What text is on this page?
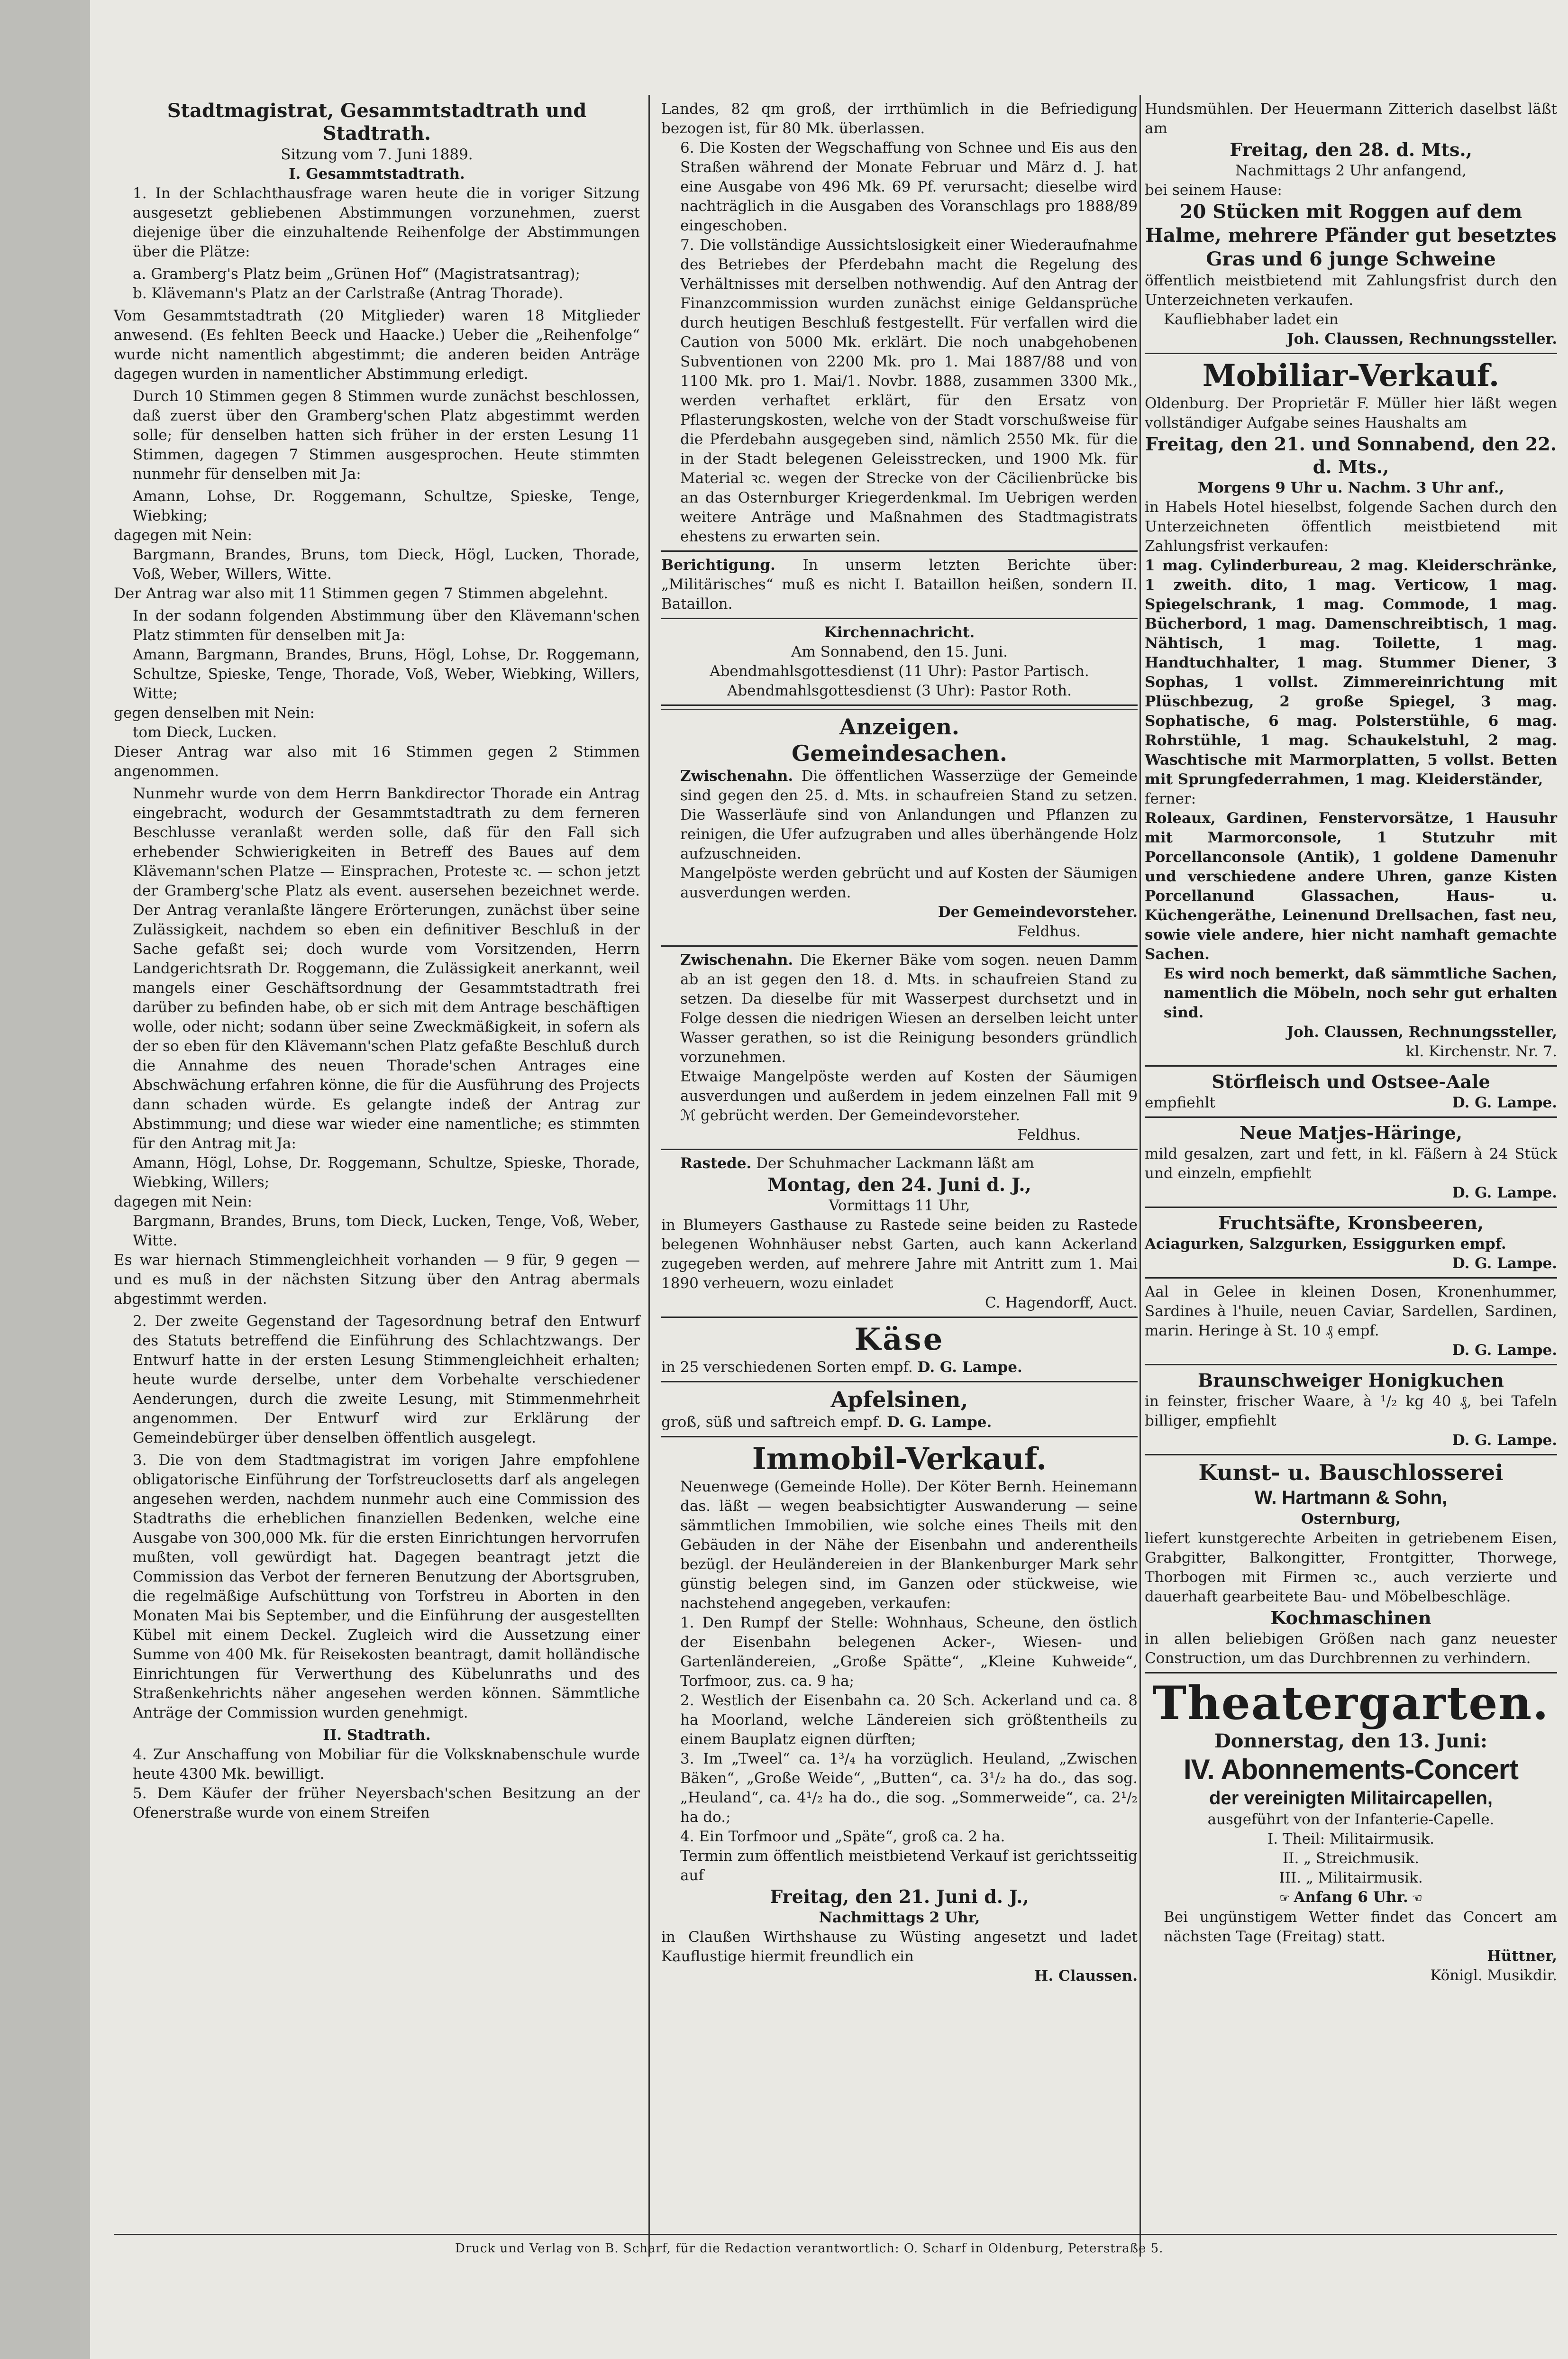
Stadtmagistrat, Gesammtstadtrath und Stadtrath.

Sitzung vom 7. Juni 1889.

I. Gesammtstadtrath.

1. In der Schlachthausfrage waren heute die in voriger Sitzung ausgesetzt gebliebenen Abstimmungen vorzunehmen, zuerst diejenige über die einzuhaltende Reihenfolge der Abstimmungen über die Plätze:

a. Gramberg's Platz beim „Grünen Hof“ (Magistratsantrag);

b. Klävemann's Platz an der Carlstraße (Antrag Thorade).

Vom Gesammtstadtrath (20 Mitglieder) waren 18 Mitglieder anwesend. (Es fehlten Beeck und Haacke.) Ueber die „Reihenfolge“ wurde nicht namentlich abgestimmt; die anderen beiden Anträge dagegen wurden in namentlicher Abstimmung erledigt.

Durch 10 Stimmen gegen 8 Stimmen wurde zunächst beschlossen, daß zuerst über den Gramberg'schen Platz abgestimmt werden solle; für denselben hatten sich früher in der ersten Lesung 11 Stimmen, dagegen 7 Stimmen ausgesprochen. Heute stimmten nunmehr für denselben mit Ja:

Amann, Lohse, Dr. Roggemann, Schultze, Spieske, Tenge, Wiebking;

dagegen mit Nein:

Bargmann, Brandes, Bruns, tom Dieck, Högl, Lucken, Thorade, Voß, Weber, Willers, Witte.

Der Antrag war also mit 11 Stimmen gegen 7 Stimmen abgelehnt.

In der sodann folgenden Abstimmung über den Klävemann'schen Platz stimmten für denselben mit Ja:

Amann, Bargmann, Brandes, Bruns, Högl, Lohse, Dr. Roggemann, Schultze, Spieske, Tenge, Thorade, Voß, Weber, Wiebking, Willers, Witte;

gegen denselben mit Nein:

tom Dieck, Lucken.

Dieser Antrag war also mit 16 Stimmen gegen 2 Stimmen angenommen.

Nunmehr wurde von dem Herrn Bankdirector Thorade ein Antrag eingebracht, wodurch der Gesammtstadtrath zu dem ferneren Beschlusse veranlaßt werden solle, daß für den Fall sich erhebender Schwierigkeiten in Betreff des Baues auf dem Klävemann'schen Platze — Einsprachen, Proteste ꝛc. — schon jetzt der Gramberg'sche Platz als event. ausersehen bezeichnet werde. Der Antrag veranlaßte längere Erörterungen, zunächst über seine Zulässigkeit, nachdem so eben ein definitiver Beschluß in der Sache gefaßt sei; doch wurde vom Vorsitzenden, Herrn Landgerichtsrath Dr. Roggemann, die Zulässigkeit anerkannt, weil mangels einer Geschäftsordnung der Gesammtstadtrath frei darüber zu befinden habe, ob er sich mit dem Antrage beschäftigen wolle, oder nicht; sodann über seine Zweckmäßigkeit, in sofern als der so eben für den Klävemann'schen Platz gefaßte Beschluß durch die Annahme des neuen Thorade'schen Antrages eine Abschwächung erfahren könne, die für die Ausführung des Projects dann schaden würde. Es gelangte indeß der Antrag zur Abstimmung; und diese war wieder eine namentliche; es stimmten für den Antrag mit Ja:

Amann, Högl, Lohse, Dr. Roggemann, Schultze, Spieske, Thorade, Wiebking, Willers;

dagegen mit Nein:

Bargmann, Brandes, Bruns, tom Dieck, Lucken, Tenge, Voß, Weber, Witte.

Es war hiernach Stimmengleichheit vorhanden — 9 für, 9 gegen — und es muß in der nächsten Sitzung über den Antrag abermals abgestimmt werden.

2. Der zweite Gegenstand der Tagesordnung betraf den Entwurf des Statuts betreffend die Einführung des Schlachtzwangs. Der Entwurf hatte in der ersten Lesung Stimmengleichheit erhalten; heute wurde derselbe, unter dem Vorbehalte verschiedener Aenderungen, durch die zweite Lesung, mit Stimmenmehrheit angenommen. Der Entwurf wird zur Erklärung der Gemeindebürger über denselben öffentlich ausgelegt.

3. Die von dem Stadtmagistrat im vorigen Jahre empfohlene obligatorische Einführung der Torfstreuclosetts darf als angelegen angesehen werden, nachdem nunmehr auch eine Commission des Stadtraths die erheblichen finanziellen Bedenken, welche eine Ausgabe von 300,000 Mk. für die ersten Einrichtungen hervorrufen mußten, voll gewürdigt hat. Dagegen beantragt jetzt die Commission das Verbot der ferneren Benutzung der Abortsgruben, die regelmäßige Aufschüttung von Torfstreu in Aborten in den Monaten Mai bis September, und die Einführung der ausgestellten Kübel mit einem Deckel. Zugleich wird die Aussetzung einer Summe von 400 Mk. für Reisekosten beantragt, damit holländische Einrichtungen für Verwerthung des Kübelunraths und des Straßenkehrichts näher angesehen werden können. Sämmtliche Anträge der Commission wurden genehmigt.

II. Stadtrath.

4. Zur Anschaffung von Mobiliar für die Volksknabenschule wurde heute 4300 Mk. bewilligt.

5. Dem Käufer der früher Neyersbach'schen Besitzung an der Ofenerstraße wurde von einem Streifen

Landes, 82 qm groß, der irrthümlich in die Befriedigung bezogen ist, für 80 Mk. überlassen.

6. Die Kosten der Wegschaffung von Schnee und Eis aus den Straßen während der Monate Februar und März d. J. hat eine Ausgabe von 496 Mk. 69 Pf. verursacht; dieselbe wird nachträglich in die Ausgaben des Voranschlags pro 1888/89 eingeschoben.

7. Die vollständige Aussichtslosigkeit einer Wiederaufnahme des Betriebes der Pferdebahn macht die Regelung des Verhältnisses mit derselben nothwendig. Auf den Antrag der Finanzcommission wurden zunächst einige Geldansprüche durch heutigen Beschluß festgestellt. Für verfallen wird die Caution von 5000 Mk. erklärt. Die noch unabgehobenen Subventionen von 2200 Mk. pro 1. Mai 1887/88 und von 1100 Mk. pro 1. Mai/1. Novbr. 1888, zusammen 3300 Mk., werden verhaftet erklärt, für den Ersatz von Pflasterungskosten, welche von der Stadt vorschußweise für die Pferdebahn ausgegeben sind, nämlich 2550 Mk. für die in der Stadt belegenen Geleisstrecken, und 1900 Mk. für Material ꝛc. wegen der Strecke von der Cäcilienbrücke bis an das Osternburger Kriegerdenkmal. Im Uebrigen werden weitere Anträge und Maßnahmen des Stadtmagistrats ehestens zu erwarten sein.

Berichtigung. In unserm letzten Berichte über: „Militärisches“ muß es nicht I. Bataillon heißen, sondern II. Bataillon.

Kirchennachricht.

Am Sonnabend, den 15. Juni.

Abendmahlsgottesdienst (11 Uhr): Pastor Partisch.

Abendmahlsgottesdienst (3 Uhr): Pastor Roth.

Anzeigen.
Gemeindesachen.

Zwischenahn. Die öffentlichen Wasserzüge der Gemeinde sind gegen den 25. d. Mts. in schaufreien Stand zu setzen. Die Wasserläufe sind von Anlandungen und Pflanzen zu reinigen, die Ufer aufzugraben und alles überhängende Holz aufzuschneiden.

Mangelpöste werden gebrücht und auf Kosten der Säumigen ausverdungen werden.

Der Gemeindevorsteher.

Feldhus.

Zwischenahn. Die Ekerner Bäke vom sogen. neuen Damm ab an ist gegen den 18. d. Mts. in schaufreien Stand zu setzen. Da dieselbe für mit Wasserpest durchsetzt und in Folge dessen die niedrigen Wiesen an derselben leicht unter Wasser gerathen, so ist die Reinigung besonders gründlich vorzunehmen.

Etwaige Mangelpöste werden auf Kosten der Säumigen ausverdungen und außerdem in jedem einzelnen Fall mit 9 ℳ gebrücht werden. Der Gemeindevorsteher.

Feldhus.

Rastede. Der Schuhmacher Lackmann läßt am

Montag, den 24. Juni d. J.,

Vormittags 11 Uhr,

in Blumeyers Gasthause zu Rastede seine beiden zu Rastede belegenen Wohnhäuser nebst Garten, auch kann Ackerland zugegeben werden, auf mehrere Jahre mit Antritt zum 1. Mai 1890 verheuern, wozu einladet

C. Hagendorff, Auct.

Käse

in 25 verschiedenen Sorten empf. D. G. Lampe.

Apfelsinen,

groß, süß und saftreich empf. D. G. Lampe.

Immobil-Verkauf.

Neuenwege (Gemeinde Holle). Der Köter Bernh. Heinemann das. läßt — wegen beabsichtigter Auswanderung — seine sämmtlichen Immobilien, wie solche eines Theils mit den Gebäuden in der Nähe der Eisenbahn und anderentheils bezügl. der Heuländereien in der Blankenburger Mark sehr günstig belegen sind, im Ganzen oder stückweise, wie nachstehend angegeben, verkaufen:

1. Den Rumpf der Stelle: Wohnhaus, Scheune, den östlich der Eisenbahn belegenen Acker-, Wiesen- und Gartenländereien, „Große Spätte“, „Kleine Kuhweide“, Torfmoor, zus. ca. 9 ha;
2. Westlich der Eisenbahn ca. 20 Sch. Ackerland und ca. 8 ha Moorland, welche Ländereien sich größtentheils zu einem Bauplatz eignen dürften;
3. Im „Tweel“ ca. 1³/₄ ha vorzüglich. Heuland, „Zwischen Bäken“, „Große Weide“, „Butten“, ca. 3¹/₂ ha do., das sog. „Heuland“, ca. 4¹/₂ ha do., die sog. „Sommerweide“, ca. 2¹/₂ ha do.;
4. Ein Torfmoor und „Späte“, groß ca. 2 ha.

Termin zum öffentlich meistbietend Verkauf ist gerichtsseitig auf

Freitag, den 21. Juni d. J.,

Nachmittags 2 Uhr,

in Claußen Wirthshause zu Wüsting angesetzt und ladet Kauflustige hiermit freundlich ein

H. Claussen.

Hundsmühlen. Der Heuermann Zitterich daselbst läßt am

Freitag, den 28. d. Mts.,

Nachmittags 2 Uhr anfangend,

bei seinem Hause:

20 Stücken mit Roggen auf dem Halme, mehrere Pfänder gut besetztes Gras und 6 junge Schweine

öffentlich meistbietend mit Zahlungsfrist durch den Unterzeichneten verkaufen.

Kaufliebhaber ladet ein

Joh. Claussen, Rechnungssteller.

Mobiliar-Verkauf.

Oldenburg. Der Proprietär F. Müller hier läßt wegen vollständiger Aufgabe seines Haushalts am

Freitag, den 21. und Sonnabend, den 22. d. Mts.,

Morgens 9 Uhr u. Nachm. 3 Uhr anf.,

in Habels Hotel hieselbst, folgende Sachen durch den Unterzeichneten öffentlich meistbietend mit Zahlungsfrist verkaufen:

1 mag. Cylinderbureau, 2 mag. Kleiderschränke, 1 zweith. dito, 1 mag. Verticow, 1 mag. Spiegelschrank, 1 mag. Commode, 1 mag. Bücherbord, 1 mag. Damenschreibtisch, 1 mag. Nähtisch, 1 mag. Toilette, 1 mag. Handtuchhalter, 1 mag. Stummer Diener, 3 Sophas, 1 vollst. Zimmereinrichtung mit Plüschbezug, 2 große Spiegel, 3 mag. Sophatische, 6 mag. Polsterstühle, 6 mag. Rohrstühle, 1 mag. Schaukelstuhl, 2 mag. Waschtische mit Marmorplatten, 5 vollst. Betten mit Sprungfederrahmen, 1 mag. Kleiderständer,

ferner:

Roleaux, Gardinen, Fenstervorsätze, 1 Hausuhr mit Marmorconsole, 1 Stutzuhr mit Porcellanconsole (Antik), 1 goldene Damenuhr und verschiedene andere Uhren, ganze Kisten Porcellanund Glassachen, Haus- u. Küchengeräthe, Leinenund Drellsachen, fast neu, sowie viele andere, hier nicht namhaft gemachte Sachen.

Es wird noch bemerkt, daß sämmtliche Sachen, namentlich die Möbeln, noch sehr gut erhalten sind.

Joh. Claussen, Rechnungssteller,

kl. Kirchenstr. Nr. 7.

Störfleisch und Ostsee-Aale

empfiehlt	D. G. Lampe.

Neue Matjes-Häringe,

mild gesalzen, zart und fett, in kl. Fäßern à 24 Stück und einzeln, empfiehlt

D. G. Lampe.

Fruchtsäfte, Kronsbeeren,

Aciagurken, Salzgurken, Essiggurken empf.

D. G. Lampe.

Aal in Gelee in kleinen Dosen, Kronenhummer, Sardines à l'huile, neuen Caviar, Sardellen, Sardinen, marin. Heringe à St. 10 ₰ empf.

D. G. Lampe.

Braunschweiger Honigkuchen

in feinster, frischer Waare, à ¹/₂ kg 40 ₰, bei Tafeln billiger, empfiehlt

D. G. Lampe.

Kunst- u. Bauschlosserei

W. Hartmann & Sohn,

Osternburg,

liefert kunstgerechte Arbeiten in getriebenem Eisen, Grabgitter, Balkongitter, Frontgitter, Thorwege, Thorbogen mit Firmen ꝛc., auch verzierte und dauerhaft gearbeitete Bau- und Möbelbeschläge.

Kochmaschinen

in allen beliebigen Größen nach ganz neuester Construction, um das Durchbrennen zu verhindern.

Theatergarten.

Donnerstag, den 13. Juni:

IV. Abonnements-Concert

der vereinigten Militaircapellen,

ausgeführt von der Infanterie-Capelle.

I. Theil: Militairmusik.

II. „ Streichmusik.

III. „ Militairmusik.

☞ Anfang 6 Uhr. ☜

Bei ungünstigem Wetter findet das Concert am nächsten Tage (Freitag) statt.

Hüttner,

Königl. Musikdir.

Druck und Verlag von B. Scharf, für die Redaction verantwortlich: O. Scharf in Oldenburg, Peterstraße 5.
